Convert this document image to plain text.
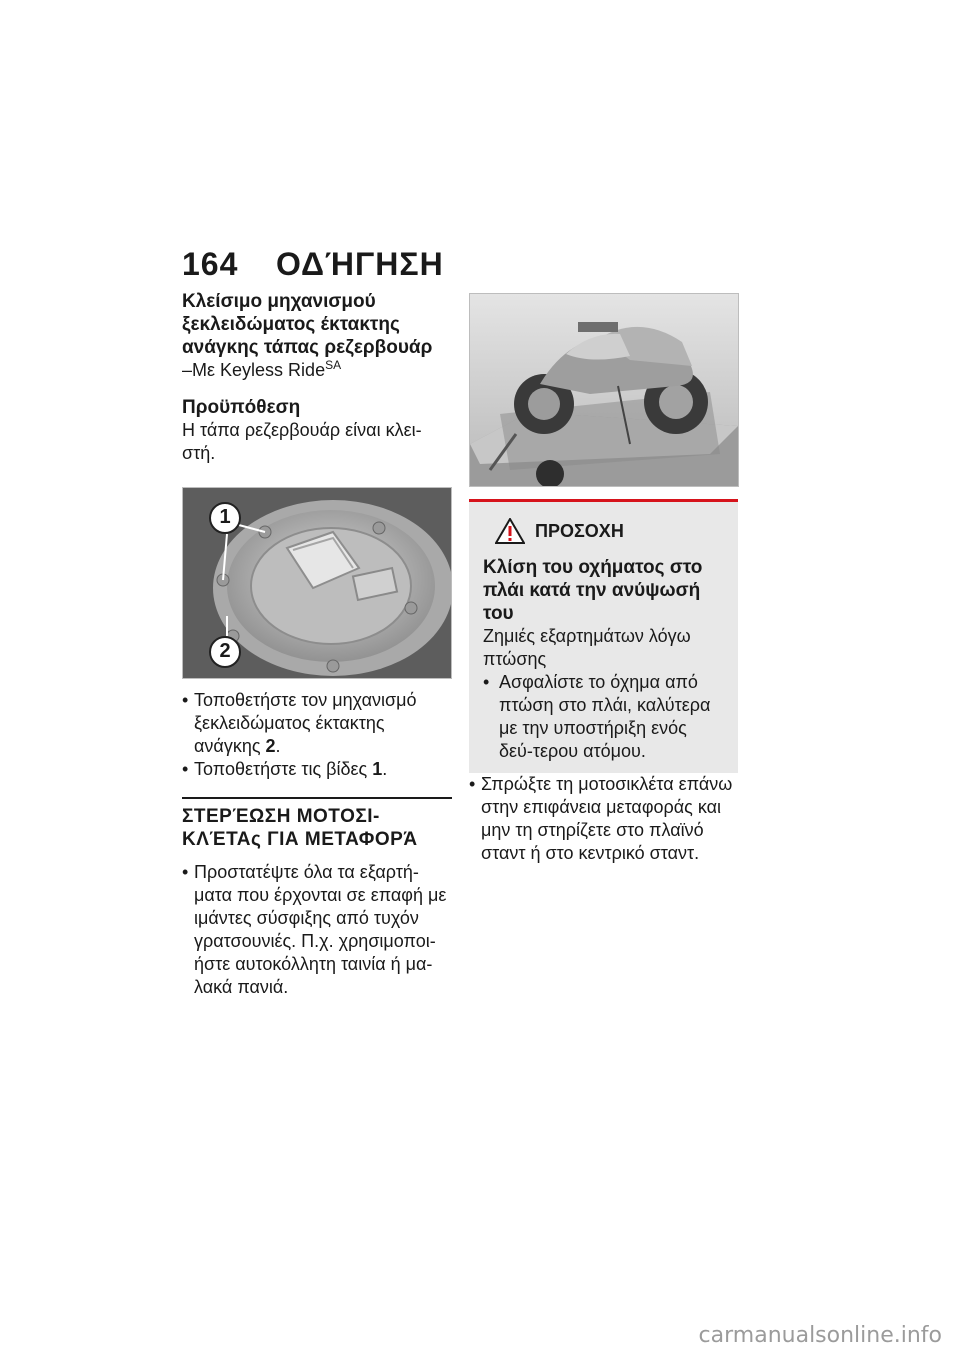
164 ΟΔΉΓΗΣΗ
Κλείσιμο μηχανισμού ξεκλειδώματος έκτακτης ανάγκης τάπας ρεζερβουάρ
–Με Keyless Ride$^{SA}$
Προϋπόθεση
Η τάπα ρεζερβουάρ είναι κλει-στή.
1
2
• Τοποθετήστε τον μηχανισμό ξεκλειδώματος έκτακτης ανάγκης 2.
• Τοποθετήστε τις βίδες 1.
ΣΤΕΡΈΩΣΗ ΜΟΤΟΣΙ-ΚΛΈΤΑς ΓΙΑ ΜΕΤΑΦΟΡΆ
• Προστατέψτε όλα τα εξαρτή-ματα που έρχονται σε επαφή με ιμάντες σύσφιξης από τυχόν γρατσουνιές. Π.χ. χρησιμοποι-ήστε αυτοκόλλητη ταινία ή μα-λακά πανιά.
ΠΡΟΣΟΧΗ
Κλίση του οχήματος στο πλάι κατά την ανύψωσή του
Ζημιές εξαρτημάτων λόγω πτώσης
• Ασφαλίστε το όχημα από πτώση στο πλάι, καλύτερα με την υποστήριξη ενός δεύ-τερου ατόμου.
• Σπρώξτε τη μοτοσικλέτα επάνω στην επιφάνεια μεταφοράς και μην τη στηρίζετε στο πλαϊνό σταντ ή στο κεντρικό σταντ.
carmanualsonline.info
